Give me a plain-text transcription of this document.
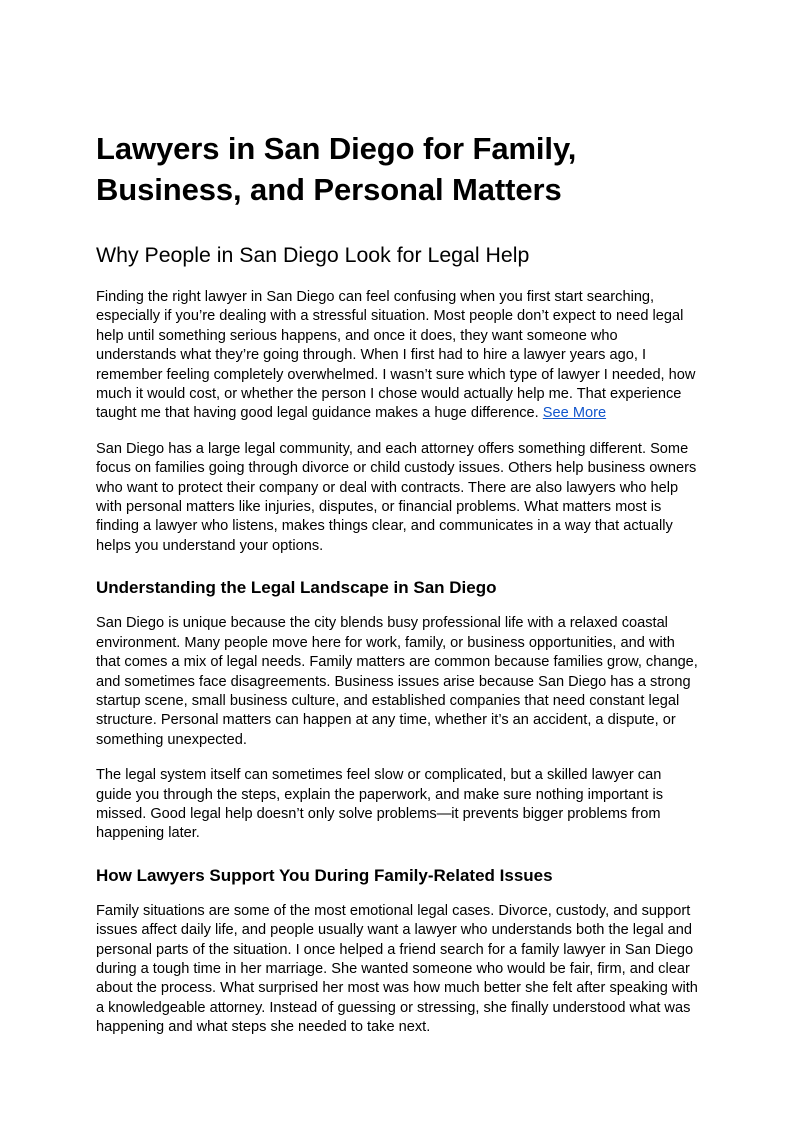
Lawyers in San Diego for Family, Business, and Personal Matters
Why People in San Diego Look for Legal Help

Finding the right lawyer in San Diego can feel confusing when you first start searching, especially if you’re dealing with a stressful situation. Most people don’t expect to need legal help until something serious happens, and once it does, they want someone who understands what they’re going through. When I first had to hire a lawyer years ago, I remember feeling completely overwhelmed. I wasn’t sure which type of lawyer I needed, how much it would cost, or whether the person I chose would actually help me. That experience taught me that having good legal guidance makes a huge difference. See More

San Diego has a large legal community, and each attorney offers something different. Some focus on families going through divorce or child custody issues. Others help business owners who want to protect their company or deal with contracts. There are also lawyers who help with personal matters like injuries, disputes, or financial problems. What matters most is finding a lawyer who listens, makes things clear, and communicates in a way that actually helps you understand your options.

Understanding the Legal Landscape in San Diego

San Diego is unique because the city blends busy professional life with a relaxed coastal environment. Many people move here for work, family, or business opportunities, and with that comes a mix of legal needs. Family matters are common because families grow, change, and sometimes face disagreements. Business issues arise because San Diego has a strong startup scene, small business culture, and established companies that need constant legal structure. Personal matters can happen at any time, whether it’s an accident, a dispute, or something unexpected.

The legal system itself can sometimes feel slow or complicated, but a skilled lawyer can guide you through the steps, explain the paperwork, and make sure nothing important is missed. Good legal help doesn’t only solve problems—it prevents bigger problems from happening later.

How Lawyers Support You During Family-Related Issues

Family situations are some of the most emotional legal cases. Divorce, custody, and support issues affect daily life, and people usually want a lawyer who understands both the legal and personal parts of the situation. I once helped a friend search for a family lawyer in San Diego during a tough time in her marriage. She wanted someone who would be fair, firm, and clear about the process. What surprised her most was how much better she felt after speaking with a knowledgeable attorney. Instead of guessing or stressing, she finally understood what was happening and what steps she needed to take next.
